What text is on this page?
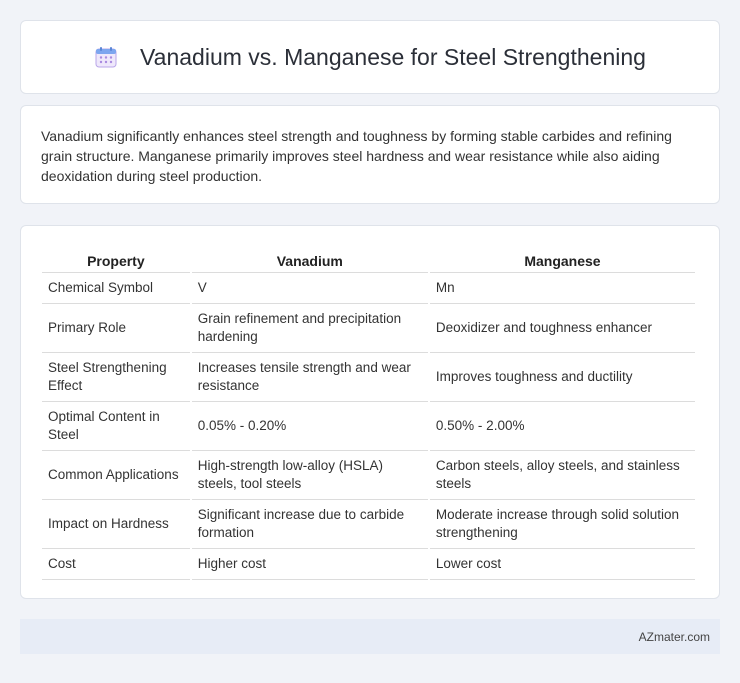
Vanadium vs. Manganese for Steel Strengthening

Vanadium significantly enhances steel strength and toughness by forming stable carbides and refining grain structure. Manganese primarily improves steel hardness and wear resistance while also aiding deoxidation during steel production.

Property	Vanadium	Manganese
Chemical Symbol	V	Mn
Primary Role	Grain refinement and precipitation hardening	Deoxidizer and toughness enhancer
Steel Strengthening Effect	Increases tensile strength and wear resistance	Improves toughness and ductility
Optimal Content in Steel	0.05% - 0.20%	0.50% - 2.00%
Common Applications	High-strength low-alloy (HSLA) steels, tool steels	Carbon steels, alloy steels, and stainless steels
Impact on Hardness	Significant increase due to carbide formation	Moderate increase through solid solution strengthening
Cost	Higher cost	Lower cost
AZmater.com
